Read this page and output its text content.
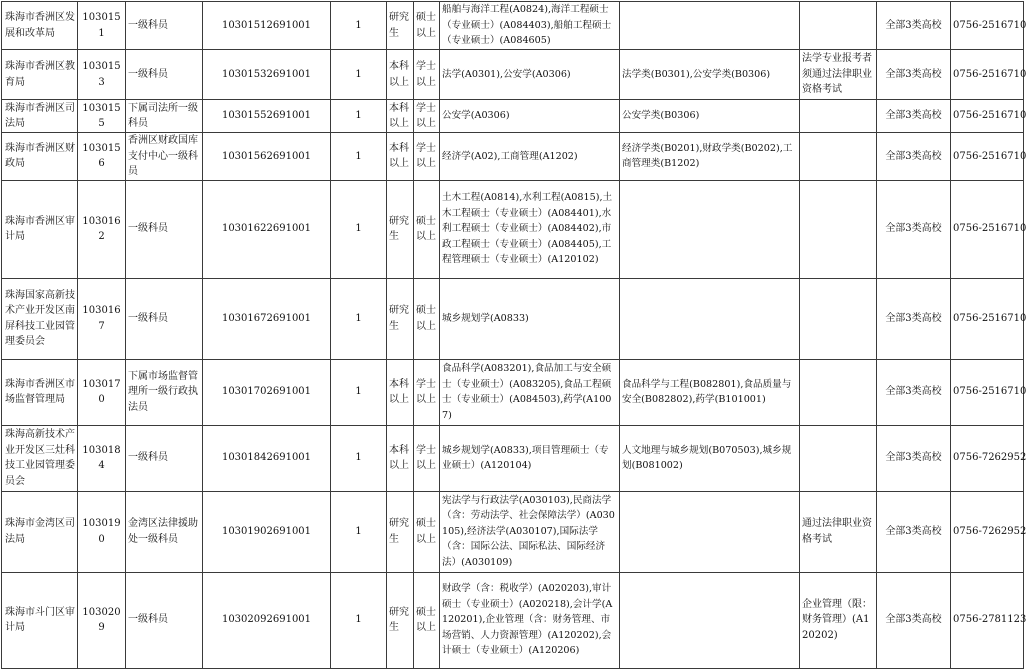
珠海市香洲区发展和改革局	1030151	一级科员	10301512691001	1	研究生	硕士以上	船舶与海洋工程(A0824),海洋工程硕士（专业硕士）(A084403),船舶工程硕士（专业硕士）(A084605)			全部3类高校	0756-2516710
珠海市香洲区教育局	1030153	一级科员	10301532691001	1	本科以上	学士以上	法学(A0301),公安学(A0306)	法学类(B0301),公安学类(B0306)	法学专业报考者须通过法律职业资格考试	全部3类高校	0756-2516710
珠海市香洲区司法局	1030155	下属司法所一级科员	10301552691001	1	本科以上	学士以上	公安学(A0306)	公安学类(B0306)		全部3类高校	0756-2516710
珠海市香洲区财政局	1030156	香洲区财政国库支付中心一级科员	10301562691001	1	本科以上	学士以上	经济学(A02),工商管理(A1202)	经济学类(B0201),财政学类(B0202),工商管理类(B1202)		全部3类高校	0756-2516710
珠海市香洲区审计局	1030162	一级科员	10301622691001	1	研究生	硕士以上	土木工程(A0814),水利工程(A0815),土木工程硕士（专业硕士）(A084401),水利工程硕士（专业硕士）(A084402),市政工程硕士（专业硕士）(A084405),工程管理硕士（专业硕士）(A120102)			全部3类高校	0756-2516710
珠海国家高新技术产业开发区南屏科技工业园管理委员会	1030167	一级科员	10301672691001	1	研究生	硕士以上	城乡规划学(A0833)			全部3类高校	0756-2516710
珠海市香洲区市场监督管理局	1030170	下属市场监督管理所一级行政执法员	10301702691001	1	本科以上	学士以上	食品科学(A083201),食品加工与安全硕士（专业硕士）(A083205),食品工程硕士（专业硕士）(A084503),药学(A1007)	食品科学与工程(B082801),食品质量与安全(B082802),药学(B101001)		全部3类高校	0756-2516710
珠海高新技术产业开发区三灶科技工业园管理委员会	1030184	一级科员	10301842691001	1	本科以上	学士以上	城乡规划学(A0833),项目管理硕士（专业硕士）(A120104)	人文地理与城乡规划(B070503),城乡规划(B081002)		全部3类高校	0756-7262952
珠海市金湾区司法局	1030190	金湾区法律援助处一级科员	10301902691001	1	研究生	硕士以上	宪法学与行政法学(A030103),民商法学（含：劳动法学、社会保障法学）(A030105),经济法学(A030107),国际法学（含：国际公法、国际私法、国际经济法）(A030109)		通过法律职业资格考试	全部3类高校	0756-7262952
珠海市斗门区审计局	1030209	一级科员	10302092691001	1	研究生	硕士以上	财政学（含：税收学）(A020203),审计硕士（专业硕士）(A020218),会计学(A120201),企业管理（含：财务管理、市场营销、人力资源管理）(A120202),会计硕士（专业硕士）(A120206)		企业管理（限：财务管理）(A120202)	全部3类高校	0756-2781123
